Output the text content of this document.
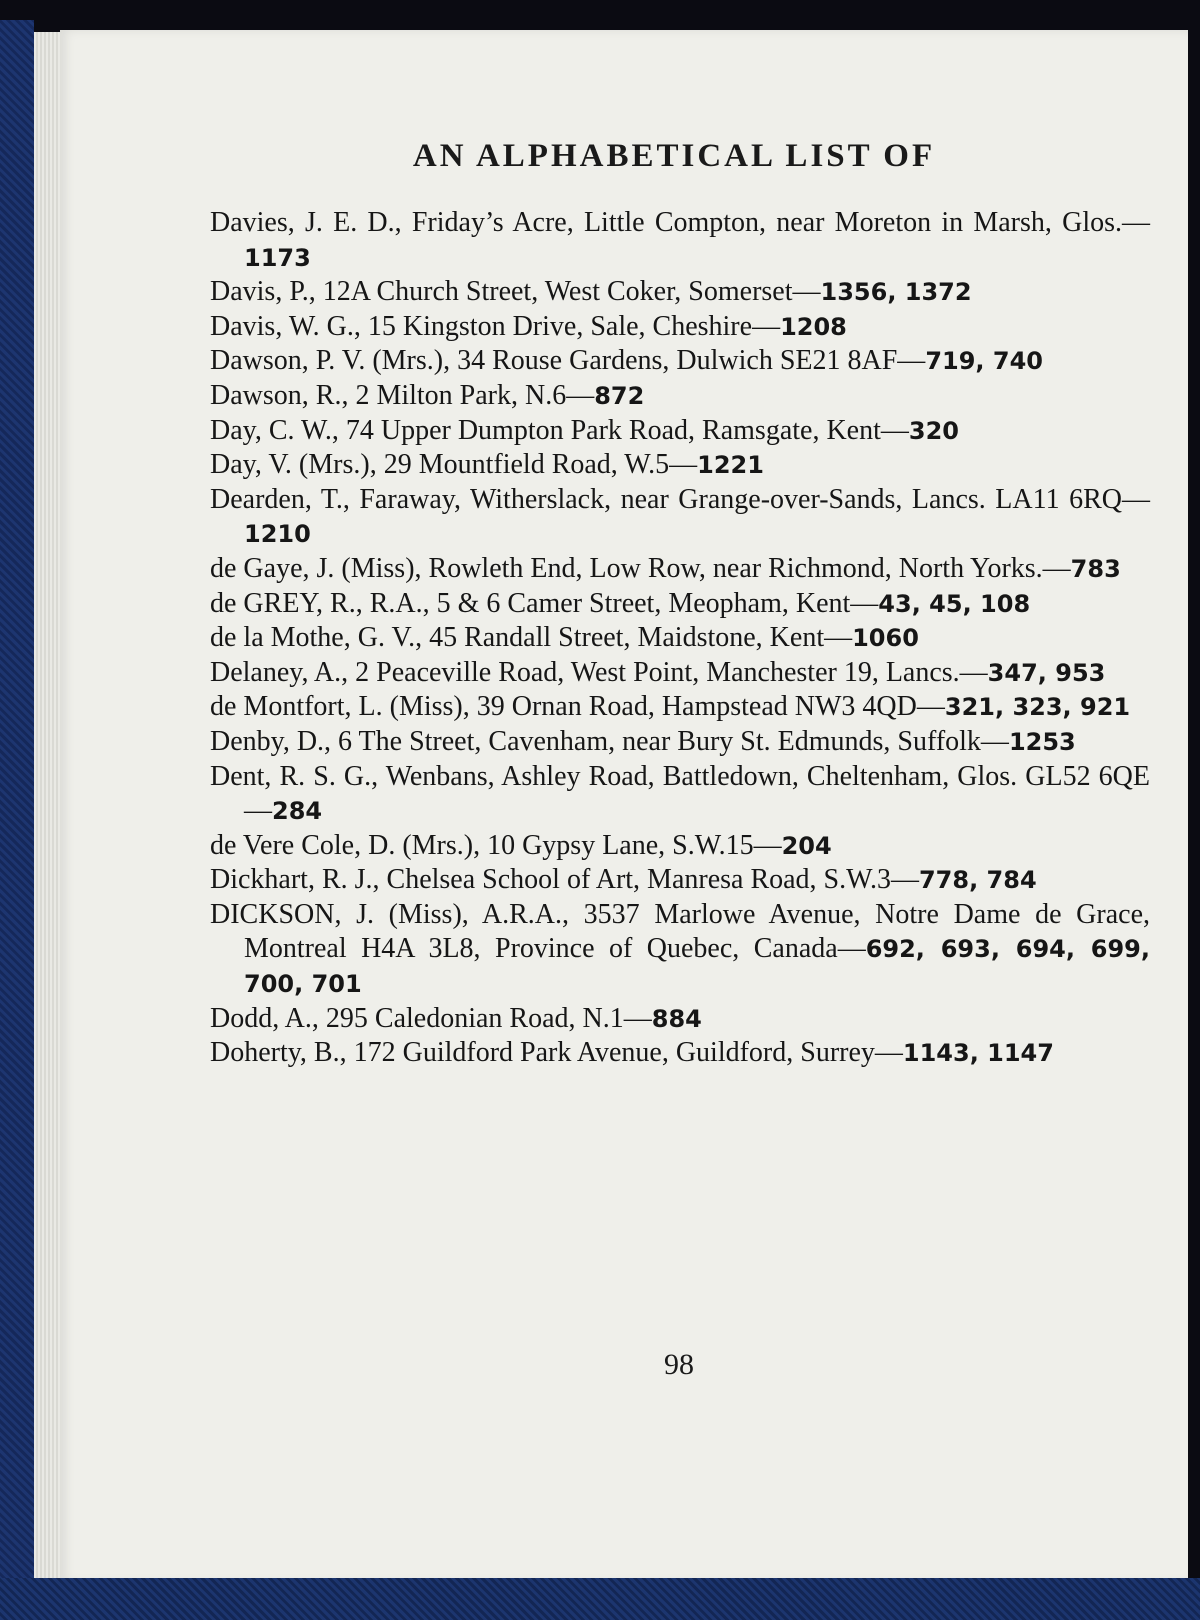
AN ALPHABETICAL LIST OF
Davies, J. E. D., Friday’s Acre, Little Compton, near Moreton in Marsh, Glos.—1173
Davis, P., 12A Church Street, West Coker, Somerset—1356, 1372
Davis, W. G., 15 Kingston Drive, Sale, Cheshire—1208
Dawson, P. V. (Mrs.), 34 Rouse Gardens, Dulwich SE21 8AF—719, 740
Dawson, R., 2 Milton Park, N.6—872
Day, C. W., 74 Upper Dumpton Park Road, Ramsgate, Kent—320
Day, V. (Mrs.), 29 Mountfield Road, W.5—1221
Dearden, T., Faraway, Witherslack, near Grange-over-Sands, Lancs. LA11 6RQ—1210
de Gaye, J. (Miss), Rowleth End, Low Row, near Richmond, North Yorks.—783
de GREY, R., R.A., 5 & 6 Camer Street, Meopham, Kent—43, 45, 108
de la Mothe, G. V., 45 Randall Street, Maidstone, Kent—1060
Delaney, A., 2 Peaceville Road, West Point, Manchester 19, Lancs.—347, 953
de Montfort, L. (Miss), 39 Ornan Road, Hampstead NW3 4QD—321, 323, 921
Denby, D., 6 The Street, Cavenham, near Bury St. Edmunds, Suffolk—1253
Dent, R. S. G., Wenbans, Ashley Road, Battledown, Cheltenham, Glos. GL52 6QE—284
de Vere Cole, D. (Mrs.), 10 Gypsy Lane, S.W.15—204
Dickhart, R. J., Chelsea School of Art, Manresa Road, S.W.3—778, 784
DICKSON, J. (Miss), A.R.A., 3537 Marlowe Avenue, Notre Dame de Grace, Montreal H4A 3L8, Province of Quebec, Canada—692, 693, 694, 699, 700, 701
Dodd, A., 295 Caledonian Road, N.1—884
Doherty, B., 172 Guildford Park Avenue, Guildford, Surrey—1143, 1147
98
